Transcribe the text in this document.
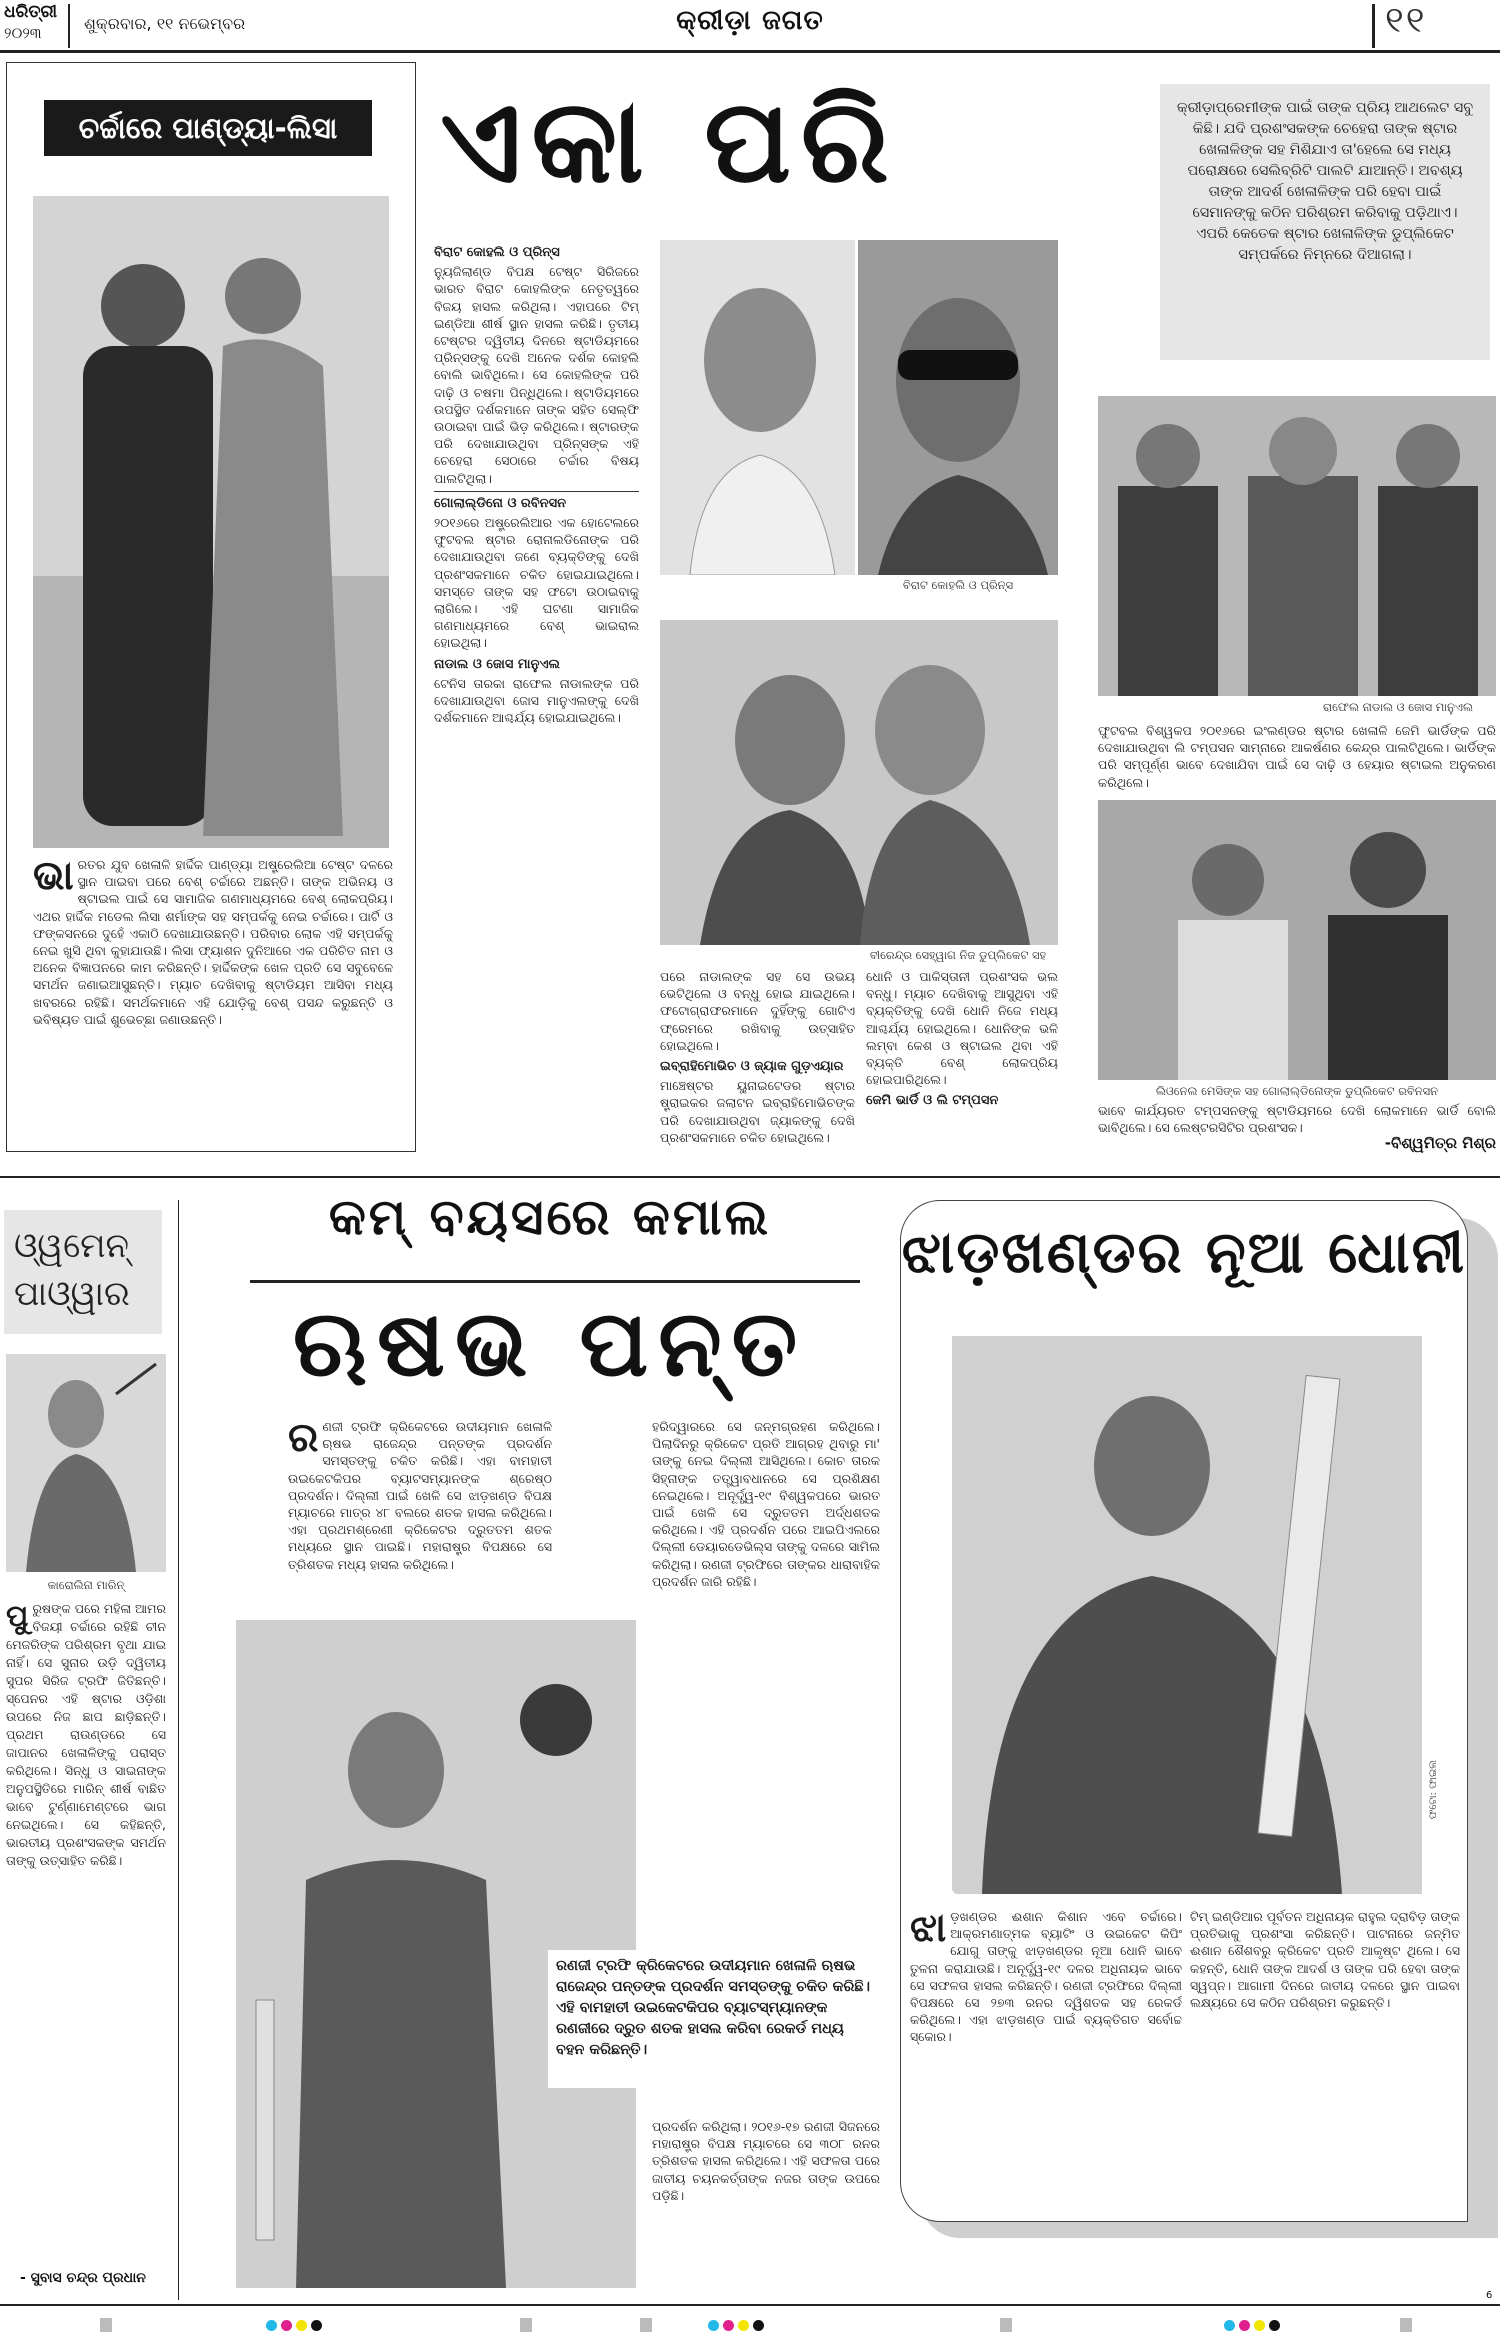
ଧରିତ୍ରୀ
୨୦୨୩	ଶୁକ୍ରବାର, ୧୧ ନଭେମ୍ବର	କ୍ରୀଡ଼ା ଜଗତ	୧୧
ଚର୍ଚ୍ଚାରେ ପାଣ୍ଡ୍ୟା-ଲିସା ଏକା ପରି
ଭାରତର ଯୁବ ଖେଳାଳି ହାର୍ଦ୍ଦିକ ପାଣ୍ଡ୍ୟା ଅଷ୍ଟ୍ରେଲିଆ ଟେଷ୍ଟ ଦଳରେ ସ୍ଥାନ ପାଇବା ପରେ ବେଶ୍ ଚର୍ଚ୍ଚାରେ ଅଛନ୍ତି। ତାଙ୍କ ଅଭିନୟ ଓ ଷ୍ଟାଇଲ ପାଇଁ ସେ ସାମାଜିକ ଗଣମାଧ୍ୟମରେ ବେଶ୍ ଲୋକପ୍ରିୟ। ଏଥର ହାର୍ଦ୍ଦିକ ମଡେଲ ଲିସା ଶର୍ମାଙ୍କ ସହ ସମ୍ପର୍କକୁ ନେଇ ଚର୍ଚ୍ଚାରେ। ପାର୍ଟି ଓ ଫଙ୍କସନରେ ଦୁହେଁ ଏକାଠି ଦେଖାଯାଉଛନ୍ତି। ପରିବାର ଲୋକ ଏହି ସମ୍ପର୍କକୁ ନେଇ ଖୁସି ଥିବା କୁହାଯାଉଛି। ଲିସା ଫ୍ୟାଶନ ଦୁନିଆରେ ଏକ ପରିଚିତ ନାମ ଓ ଅନେକ ବିଜ୍ଞାପନରେ କାମ କରିଛନ୍ତି। ହାର୍ଦ୍ଦିକଙ୍କ ଖେଳ ପ୍ରତି ସେ ସବୁବେଳେ ସମର୍ଥନ ଜଣାଇଆସୁଛନ୍ତି। ମ୍ୟାଚ ଦେଖିବାକୁ ଷ୍ଟାଡିୟମ ଆସିବା ମଧ୍ୟ ଖବରରେ ରହିଛି। ସମର୍ଥକମାନେ ଏହି ଯୋଡ଼ିକୁ ବେଶ୍ ପସନ୍ଦ କରୁଛନ୍ତି ଓ ଭବିଷ୍ୟତ ପାଇଁ ଶୁଭେଚ୍ଛା ଜଣାଉଛନ୍ତି।
ବିରାଟ କୋହଲି ଓ ପ୍ରିନ୍ସ

ନ୍ୟୁଜିଲାଣ୍ଡ ବିପକ୍ଷ ଟେଷ୍ଟ ସିରିଜରେ ଭାରତ ବିରାଟ କୋହଲିଙ୍କ ନେତୃତ୍ୱରେ ବିଜୟ ହାସଲ କରିଥିଲା। ଏହାପରେ ଟିମ୍ ଇଣ୍ଡିଆ ଶୀର୍ଷ ସ୍ଥାନ ହାସଲ କରିଛି। ତୃତୀୟ ଟେଷ୍ଟର ଦ୍ୱିତୀୟ ଦିନରେ ଷ୍ଟାଡିୟମରେ ପ୍ରିନ୍ସଙ୍କୁ ଦେଖି ଅନେକ ଦର୍ଶକ କୋହଲି ବୋଲି ଭାବିଥିଲେ। ସେ କୋହଲିଙ୍କ ପରି ଦାଢ଼ି ଓ ଚଷମା ପିନ୍ଧିଥିଲେ। ଷ୍ଟାଡିୟମରେ ଉପସ୍ଥିତ ଦର୍ଶକମାନେ ତାଙ୍କ ସହିତ ସେଲ୍ଫି ଉଠାଇବା ପାଇଁ ଭିଡ଼ କରିଥିଲେ। ଷ୍ଟାରଙ୍କ ପରି ଦେଖାଯାଉଥିବା ପ୍ରିନ୍ସଙ୍କ ଏହି ଚେହେରା ସେଠାରେ ଚର୍ଚ୍ଚାର ବିଷୟ ପାଲଟିଥିଲା।

ଗୋଲାଲ୍ଡିନୋ ଓ ରବିନସନ

୨୦୧୬ରେ ଅଷ୍ଟ୍ରେଲିଆର ଏକ ହୋଟେଲରେ ଫୁଟବଲ ଷ୍ଟାର ରୋନାଲଡିନୋଙ୍କ ପରି ଦେଖାଯାଉଥିବା ଜଣେ ବ୍ୟକ୍ତିଙ୍କୁ ଦେଖି ପ୍ରଶଂସକମାନେ ଚକିତ ହୋଇଯାଇଥିଲେ। ସମସ୍ତେ ତାଙ୍କ ସହ ଫଟୋ ଉଠାଇବାକୁ ଲାଗିଲେ। ଏହି ଘଟଣା ସାମାଜିକ ଗଣମାଧ୍ୟମରେ ବେଶ୍ ଭାଇରାଲ ହୋଇଥିଲା।

ନାଡାଲ ଓ ଜୋସ ମାନୁଏଲ

ଟେନିସ ତାରକା ରାଫେଲ ନାଡାଲଙ୍କ ପରି ଦେଖାଯାଉଥିବା ଜୋସ ମାନୁଏଲଙ୍କୁ ଦେଖି ଦର୍ଶକମାନେ ଆଶ୍ଚର୍ଯ୍ୟ ହୋଇଯାଇଥିଲେ।

ବିରାଟ କୋହଲି ଓ ପ୍ରିନ୍ସ
ବୀରେନ୍ଦ୍ର ସେହ୍ୱାଗ ନିଜ ଡୁପ୍ଲିକେଟ ସହ

ପରେ ନାଡାଲଙ୍କ ସହ ସେ ଉଭୟ ଭେଟିଥିଲେ ଓ ବନ୍ଧୁ ହୋଇ ଯାଇଥିଲେ। ଫଟୋଗ୍ରାଫରମାନେ ଦୁହିଁଙ୍କୁ ଗୋଟିଏ ଫ୍ରେମରେ ରଖିବାକୁ ଉତ୍ସାହିତ ହୋଇଥିଲେ।

ଇବ୍ରାହିମୋଭିଚ ଓ ଜ୍ୟାକ ଗୁଡ଼ଏୟାର

ମାଞ୍ଚେଷ୍ଟର ୟୁନାଇଟେଡର ଷ୍ଟାର ଷ୍ଟ୍ରାଇକର ଜଲାଟନ ଇବ୍ରାହିମୋଭିଚଙ୍କ ପରି ଦେଖାଯାଉଥିବା ଜ୍ୟାକଙ୍କୁ ଦେଖି ପ୍ରଶଂସକମାନେ ଚକିତ ହୋଇଥିଲେ।

ଧୋନି ଓ ପାକିସ୍ତାନୀ ପ୍ରଶଂସକ ଭଲ ବନ୍ଧୁ। ମ୍ୟାଚ ଦେଖିବାକୁ ଆସୁଥିବା ଏହି ବ୍ୟକ୍ତିଙ୍କୁ ଦେଖି ଧୋନି ନିଜେ ମଧ୍ୟ ଆଶ୍ଚର୍ଯ୍ୟ ହୋଇଥିଲେ। ଧୋନିଙ୍କ ଭଳି ଲମ୍ବା କେଶ ଓ ଷ୍ଟାଇଲ ଥିବା ଏହି ବ୍ୟକ୍ତି ବେଶ୍ ଲୋକପ୍ରିୟ ହୋଇପାରିଥିଲେ।

ଜେମି ଭାର୍ଡି ଓ ଲି ଟମ୍ପସନ
କ୍ରୀଡ଼ାପ୍ରେମୀଙ୍କ ପାଇଁ ତାଙ୍କ ପ୍ରିୟ ଆଥଲେଟ ସବୁ କିଛି। ଯଦି ପ୍ରଶଂସକଙ୍କ ଚେହେରା ତାଙ୍କ ଷ୍ଟାର ଖେଳାଳିଙ୍କ ସହ ମିଶିଯାଏ ତା'ହେଲେ ସେ ମଧ୍ୟ ପରୋକ୍ଷରେ ସେଲିବ୍ରିଟି ପାଲଟି ଯାଆନ୍ତି। ଅବଶ୍ୟ ତାଙ୍କ ଆଦର୍ଶ ଖେଳାଳିଙ୍କ ପରି ହେବା ପାଇଁ ସେମାନଙ୍କୁ କଠିନ ପରିଶ୍ରମ କରିବାକୁ ପଡ଼ିଥାଏ। ଏପରି କେତେକ ଷ୍ଟାର ଖେଳାଳିଙ୍କ ଡୁପ୍ଲିକେଟ ସମ୍ପର୍କରେ ନିମ୍ନରେ ଦିଆଗଲା।
ରାଫେଲ ନାଡାଲ ଓ ଜୋସ ମାନୁଏଲ
ଫୁଟବଲ ବିଶ୍ୱକପ ୨୦୧୬ରେ ଇଂଲଣ୍ଡର ଷ୍ଟାର ଖେଳାଳି ଜେମି ଭାର୍ଡିଙ୍କ ପରି ଦେଖାଯାଉଥିବା ଲି ଟମ୍ପସନ ସାମ୍ନାରେ ଆକର୍ଷଣର କେନ୍ଦ୍ର ପାଲଟିଥିଲେ। ଭାର୍ଡିଙ୍କ ପରି ସମ୍ପୂର୍ଣ୍ଣ ଭାବେ ଦେଖାଯିବା ପାଇଁ ସେ ଦାଢ଼ି ଓ ହେୟାର ଷ୍ଟାଇଲ ଅନୁକରଣ କରିଥିଲେ।
ଲିଓନେଲ ମେସିଙ୍କ ସହ ଗୋଲାଲ୍ଡିନୋଙ୍କ ଡୁପ୍ଲିକେଟ ରବିନସନ
ଭାବେ କାର୍ଯ୍ୟରତ ଟମ୍ପସନଙ୍କୁ ଷ୍ଟାଡିୟମରେ ଦେଖି ଲୋକମାନେ ଭାର୍ଡି ବୋଲି ଭାବିଥିଲେ। ସେ ଲେଷ୍ଟରସିଟିର ପ୍ରଶଂସକ।
-ବିଶ୍ୱମିତ୍ର ମିଶ୍ର
ଓ୍ୱମେନ୍
ପାଓ୍ୱାର
କାରୋଲିନା ମାରିନ୍
ପୁରୁଷଙ୍କ ପରେ ମହିଳା ଆମର ବିଜୟୀ ଚର୍ଚ୍ଚାରେ ରହିଛି ଚୀନ ମେଜରିଙ୍କ ପରିଶ୍ରମ ବୃଥା ଯାଇ ନାହିଁ। ସେ ସୁନାର ଉଡ଼ି ଦ୍ୱିତୀୟ ସୁପର ସିରିଜ ଟ୍ରଫି ଜିତିଛନ୍ତି। ସ୍ପେନର ଏହି ଷ୍ଟାର ଓଡ଼ିଶା ଉପରେ ନିଜ ଛାପ ଛାଡ଼ିଛନ୍ତି। ପ୍ରଥମ ରାଉଣ୍ଡରେ ସେ ଜାପାନର ଖେଳାଳିଙ୍କୁ ପରାସ୍ତ କରିଥିଲେ। ସିନ୍ଧୁ ଓ ସାଇନାଙ୍କ ଅନୁପସ୍ଥିତିରେ ମାରିନ୍ ଶୀର୍ଷ ବାଛିତ ଭାବେ ଟୁର୍ଣ୍ଣାମେଣ୍ଟରେ ଭାଗ ନେଇଥିଲେ। ସେ କହିଛନ୍ତି, ଭାରତୀୟ ପ୍ରଶଂସକଙ୍କ ସମର୍ଥନ ତାଙ୍କୁ ଉତ୍ସାହିତ କରିଛି।
- ସୁବାସ ଚନ୍ଦ୍ର ପ୍ରଧାନ
କମ୍ ବୟସରେ କମାଲ
ଋଷଭ ପନ୍ତ
ରଣଜୀ ଟ୍ରଫି କ୍ରିକେଟରେ ଉଦୀୟମାନ ଖେଳାଳି ଋଷଭ ରାଜେନ୍ଦ୍ର ପନ୍ତଙ୍କ ପ୍ରଦର୍ଶନ ସମସ୍ତଙ୍କୁ ଚକିତ କରିଛି। ଏହା ବାମହାତୀ ଉଇକେଟକିପର ବ୍ୟାଟସମ୍ୟାନଙ୍କ ଶ୍ରେଷ୍ଠ ପ୍ରଦର୍ଶନ। ଦିଲ୍ଲୀ ପାଇଁ ଖେଳି ସେ ଝାଡ଼ଖଣ୍ଡ ବିପକ୍ଷ ମ୍ୟାଚରେ ମାତ୍ର ୪୮ ବଲରେ ଶତକ ହାସଲ କରିଥିଲେ। ଏହା ପ୍ରଥମଶ୍ରେଣୀ କ୍ରିକେଟର ଦ୍ରୁତତମ ଶତକ ମଧ୍ୟରେ ସ୍ଥାନ ପାଇଛି। ମହାରାଷ୍ଟ୍ର ବିପକ୍ଷରେ ସେ ତ୍ରିଶତକ ମଧ୍ୟ ହାସଲ କରିଥିଲେ।
ହରିଦ୍ୱାରରେ ସେ ଜନ୍ମଗ୍ରହଣ କରିଥିଲେ। ପିଲାଦିନରୁ କ୍ରିକେଟ ପ୍ରତି ଆଗ୍ରହ ଥିବାରୁ ମା' ତାଙ୍କୁ ନେଇ ଦିଲ୍ଲୀ ଆସିଥିଲେ। କୋଚ ତାରକ ସିହ୍ନାଙ୍କ ତତ୍ତ୍ୱାବଧାନରେ ସେ ପ୍ରଶିକ୍ଷଣ ନେଇଥିଲେ। ଅନୂର୍ଦ୍ଧ୍ୱ-୧୯ ବିଶ୍ୱକପରେ ଭାରତ ପାଇଁ ଖେଳି ସେ ଦ୍ରୁତତମ ଅର୍ଦ୍ଧଶତକ କରିଥିଲେ। ଏହି ପ୍ରଦର୍ଶନ ପରେ ଆଇପିଏଲରେ ଦିଲ୍ଲୀ ଡେୟାରଡେଭିଲ୍ସ ତାଙ୍କୁ ଦଳରେ ସାମିଲ କରିଥିଲା। ରଣଜୀ ଟ୍ରଫିରେ ତାଙ୍କର ଧାରାବାହିକ ପ୍ରଦର୍ଶନ ଜାରି ରହିଛି।
ରଣଜୀ ଟ୍ରଫି କ୍ରିକେଟରେ ଉଦୀୟମାନ ଖେଳାଳି ଋଷଭ ରାଜେନ୍ଦ୍ର ପନ୍ତଙ୍କ ପ୍ରଦର୍ଶନ ସମସ୍ତଙ୍କୁ ଚକିତ କରିଛି। ଏହି ବାମହାତୀ ଉଇକେଟକିପର ବ୍ୟାଟସ୍ମ୍ୟାନଙ୍କ ରଣଜୀରେ ଦ୍ରୁତ ଶତକ ହାସଲ କରିବା ରେକର୍ଡ ମଧ୍ୟ ବହନ କରିଛନ୍ତି।
ପ୍ରଦର୍ଶନ କରିଥିଲା। ୨୦୧୬-୧୭ ରଣଜୀ ସିଜନରେ ମହାରାଷ୍ଟ୍ର ବିପକ୍ଷ ମ୍ୟାଚରେ ସେ ୩୦୮ ରନର ତ୍ରିଶତକ ହାସଲ କରିଥିଲେ। ଏହି ସଫଳତା ପରେ ଜାତୀୟ ଚୟନକର୍ତ୍ତାଙ୍କ ନଜର ତାଙ୍କ ଉପରେ ପଡ଼ିଛି।
ଝାଡ଼ଖଣ୍ଡର ନୂଆ ଧୋନୀ
ଫଟୋ: ଫାଇଲ
ଝାଡ଼ଖଣ୍ଡର ଈଶାନ କିଶାନ ଏବେ ଚର୍ଚ୍ଚାରେ। ଆକ୍ରମଣାତ୍ମକ ବ୍ୟାଟିଂ ଓ ଉଇକେଟ କିପିଂ ଯୋଗୁ ତାଙ୍କୁ ଝାଡ଼ଖଣ୍ଡର ନୂଆ ଧୋନି ଭାବେ ତୁଳନା କରାଯାଉଛି। ଅନୂର୍ଦ୍ଧ୍ୱ-୧୯ ଦଳର ଅଧିନାୟକ ଭାବେ ସେ ସଫଳତା ହାସଲ କରିଛନ୍ତି। ରଣଜୀ ଟ୍ରଫିରେ ଦିଲ୍ଲୀ ବିପକ୍ଷରେ ସେ ୨୭୩ ରନର ଦ୍ୱିଶତକ ସହ ରେକର୍ଡ କରିଥିଲେ। ଏହା ଝାଡ଼ଖଣ୍ଡ ପାଇଁ ବ୍ୟକ୍ତିଗତ ସର୍ବୋଚ୍ଚ ସ୍କୋର।
ଟିମ୍ ଇଣ୍ଡିଆର ପୂର୍ବତନ ଅଧିନାୟକ ରାହୁଲ ଦ୍ରାବିଡ଼ ତାଙ୍କ ପ୍ରତିଭାକୁ ପ୍ରଶଂସା କରିଛନ୍ତି। ପାଟନାରେ ଜନ୍ମିତ ଈଶାନ ଶୈଶବରୁ କ୍ରିକେଟ ପ୍ରତି ଆକୃଷ୍ଟ ଥିଲେ। ସେ କହନ୍ତି, ଧୋନି ତାଙ୍କ ଆଦର୍ଶ ଓ ତାଙ୍କ ପରି ହେବା ତାଙ୍କ ସ୍ୱପ୍ନ। ଆଗାମୀ ଦିନରେ ଜାତୀୟ ଦଳରେ ସ୍ଥାନ ପାଇବା ଲକ୍ଷ୍ୟରେ ସେ କଠିନ ପରିଶ୍ରମ କରୁଛନ୍ତି।
6
